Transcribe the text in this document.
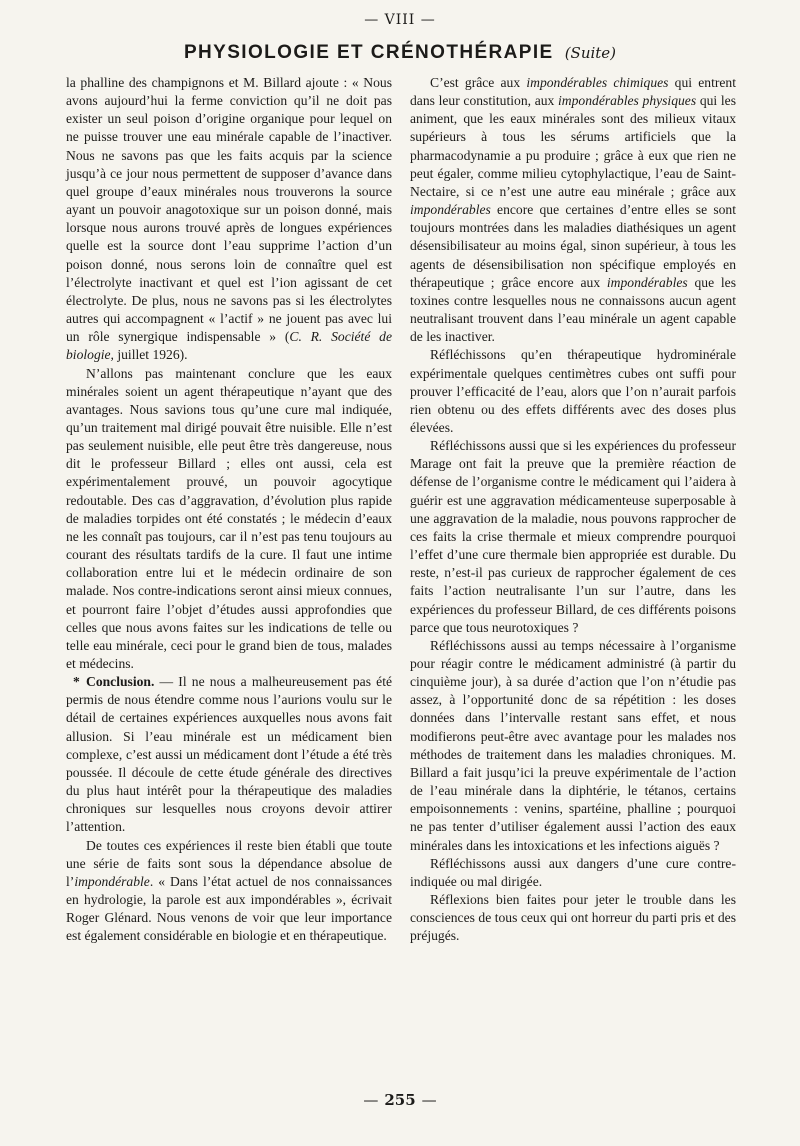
— VIII —
PHYSIOLOGIE ET CRÉNOTHÉRAPIE (Suite)

la phalline des champignons et M. Billard ajoute : « Nous avons aujourd’hui la ferme conviction qu’il ne doit pas exister un seul poison d’origine organique pour lequel on ne puisse trouver une eau minérale capable de l’inactiver. Nous ne savons pas que les faits acquis par la science jusqu’à ce jour nous permettent de supposer d’avance dans quel groupe d’eaux minérales nous trouverons la source ayant un pouvoir anagotoxique sur un poison donné, mais lorsque nous aurons trouvé après de longues expériences quelle est la source dont l’eau supprime l’action d’un poison donné, nous serons loin de connaître quel est l’électrolyte inactivant et quel est l’ion agissant de cet électrolyte. De plus, nous ne savons pas si les électrolytes autres qui accompagnent « l’actif » ne jouent pas avec lui un rôle synergique indispensable » (C. R. Société de biologie, juillet 1926).

N’allons pas maintenant conclure que les eaux minérales soient un agent thérapeutique n’ayant que des avantages. Nous savions tous qu’une cure mal indiquée, qu’un traitement mal dirigé pouvait être nuisible. Elle n’est pas seulement nuisible, elle peut être très dangereuse, nous dit le professeur Billard ; elles ont aussi, cela est expérimentalement prouvé, un pouvoir agocytique redoutable. Des cas d’aggravation, d’évolution plus rapide de maladies torpides ont été constatés ; le médecin d’eaux ne les connaît pas toujours, car il n’est pas tenu toujours au courant des résultats tardifs de la cure. Il faut une intime collaboration entre lui et le médecin ordinaire de son malade. Nos contre-indications seront ainsi mieux connues, et pourront faire l’objet d’études aussi approfondies que celles que nous avons faites sur les indications de telle ou telle eau minérale, ceci pour le grand bien de tous, malades et médecins.

* Conclusion. — Il ne nous a malheureusement pas été permis de nous étendre comme nous l’aurions voulu sur le détail de certaines expériences auxquelles nous avons fait allusion. Si l’eau minérale est un médicament bien complexe, c’est aussi un médicament dont l’étude a été très poussée. Il découle de cette étude générale des directives du plus haut intérêt pour la thérapeutique des maladies chroniques sur lesquelles nous croyons devoir attirer l’attention.

De toutes ces expériences il reste bien établi que toute une série de faits sont sous la dépendance absolue de l’impondérable. « Dans l’état actuel de nos connaissances en hydrologie, la parole est aux impondérables », écrivait Roger Glénard. Nous venons de voir que leur importance est également considérable en biologie et en thérapeutique.

C’est grâce aux impondérables chimiques qui entrent dans leur constitution, aux impondérables physiques qui les animent, que les eaux minérales sont des milieux vitaux supérieurs à tous les sérums artificiels que la pharmacodynamie a pu produire ; grâce à eux que rien ne peut égaler, comme milieu cytophylactique, l’eau de Saint-Nectaire, si ce n’est une autre eau minérale ; grâce aux impondérables encore que certaines d’entre elles se sont toujours montrées dans les maladies diathésiques un agent désensibilisateur au moins égal, sinon supérieur, à tous les agents de désensibilisation non spécifique employés en thérapeutique ; grâce encore aux impondérables que les toxines contre lesquelles nous ne connaissons aucun agent neutralisant trouvent dans l’eau minérale un agent capable de les inactiver.

Réfléchissons qu’en thérapeutique hydrominérale expérimentale quelques centimètres cubes ont suffi pour prouver l’efficacité de l’eau, alors que l’on n’aurait parfois rien obtenu ou des effets différents avec des doses plus élevées.

Réfléchissons aussi que si les expériences du professeur Marage ont fait la preuve que la première réaction de défense de l’organisme contre le médicament qui l’aidera à guérir est une aggravation médicamenteuse superposable à une aggravation de la maladie, nous pouvons rapprocher de ces faits la crise thermale et mieux comprendre pourquoi l’effet d’une cure thermale bien appropriée est durable. Du reste, n’est-il pas curieux de rapprocher également de ces faits l’action neutralisante l’un sur l’autre, dans les expériences du professeur Billard, de ces différents poisons parce que tous neurotoxiques ?

Réfléchissons aussi au temps nécessaire à l’organisme pour réagir contre le médicament administré (à partir du cinquième jour), à sa durée d’action que l’on n’étudie pas assez, à l’opportunité donc de sa répétition : les doses données dans l’intervalle restant sans effet, et nous modifierons peut-être avec avantage pour les malades nos méthodes de traitement dans les maladies chroniques. M. Billard a fait jusqu’ici la preuve expérimentale de l’action de l’eau minérale dans la diphtérie, le tétanos, certains empoisonnements : venins, spartéine, phalline ; pourquoi ne pas tenter d’utiliser également aussi l’action des eaux minérales dans les intoxications et les infections aiguës ?

Réfléchissons aussi aux dangers d’une cure contre-indiquée ou mal dirigée.

Réflexions bien faites pour jeter le trouble dans les consciences de tous ceux qui ont horreur du parti pris et des préjugés.

— 255 —
